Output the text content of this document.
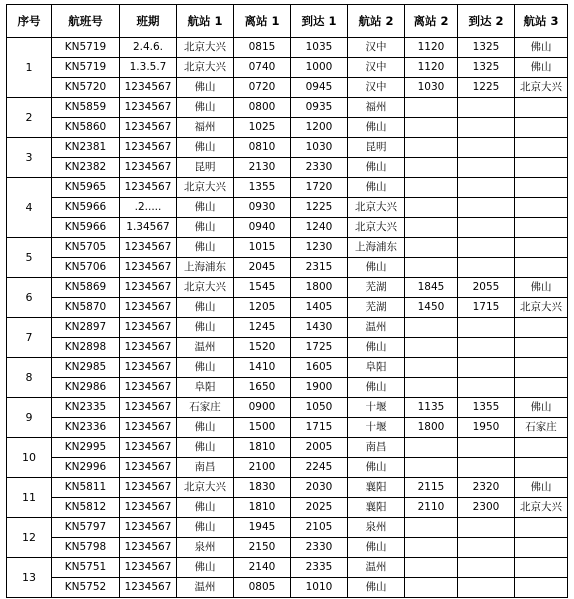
序号	航班号	班期	航站 1	离站 1	到达 1	航站 2	离站 2	到达 2	航站 3
1	KN5719	2.4.6.	北京大兴	0815	1035	汉中	1120	1325	佛山
	KN5719	1.3.5.7	北京大兴	0740	1000	汉中	1120	1325	佛山
	KN5720	1234567	佛山	0720	0945	汉中	1030	1225	北京大兴
2	KN5859	1234567	佛山	0800	0935	福州			
	KN5860	1234567	福州	1025	1200	佛山			
3	KN2381	1234567	佛山	0810	1030	昆明			
	KN2382	1234567	昆明	2130	2330	佛山			
4	KN5965	1234567	北京大兴	1355	1720	佛山			
	KN5966	.2.....	佛山	0930	1225	北京大兴			
	KN5966	1.34567	佛山	0940	1240	北京大兴			
5	KN5705	1234567	佛山	1015	1230	上海浦东			
	KN5706	1234567	上海浦东	2045	2315	佛山			
6	KN5869	1234567	北京大兴	1545	1800	芜湖	1845	2055	佛山
	KN5870	1234567	佛山	1205	1405	芜湖	1450	1715	北京大兴
7	KN2897	1234567	佛山	1245	1430	温州			
	KN2898	1234567	温州	1520	1725	佛山			
8	KN2985	1234567	佛山	1410	1605	阜阳			
	KN2986	1234567	阜阳	1650	1900	佛山			
9	KN2335	1234567	石家庄	0900	1050	十堰	1135	1355	佛山
	KN2336	1234567	佛山	1500	1715	十堰	1800	1950	石家庄
10	KN2995	1234567	佛山	1810	2005	南昌			
	KN2996	1234567	南昌	2100	2245	佛山			
11	KN5811	1234567	北京大兴	1830	2030	襄阳	2115	2320	佛山
	KN5812	1234567	佛山	1810	2025	襄阳	2110	2300	北京大兴
12	KN5797	1234567	佛山	1945	2105	泉州			
	KN5798	1234567	泉州	2150	2330	佛山			
13	KN5751	1234567	佛山	2140	2335	温州			
	KN5752	1234567	温州	0805	1010	佛山			
